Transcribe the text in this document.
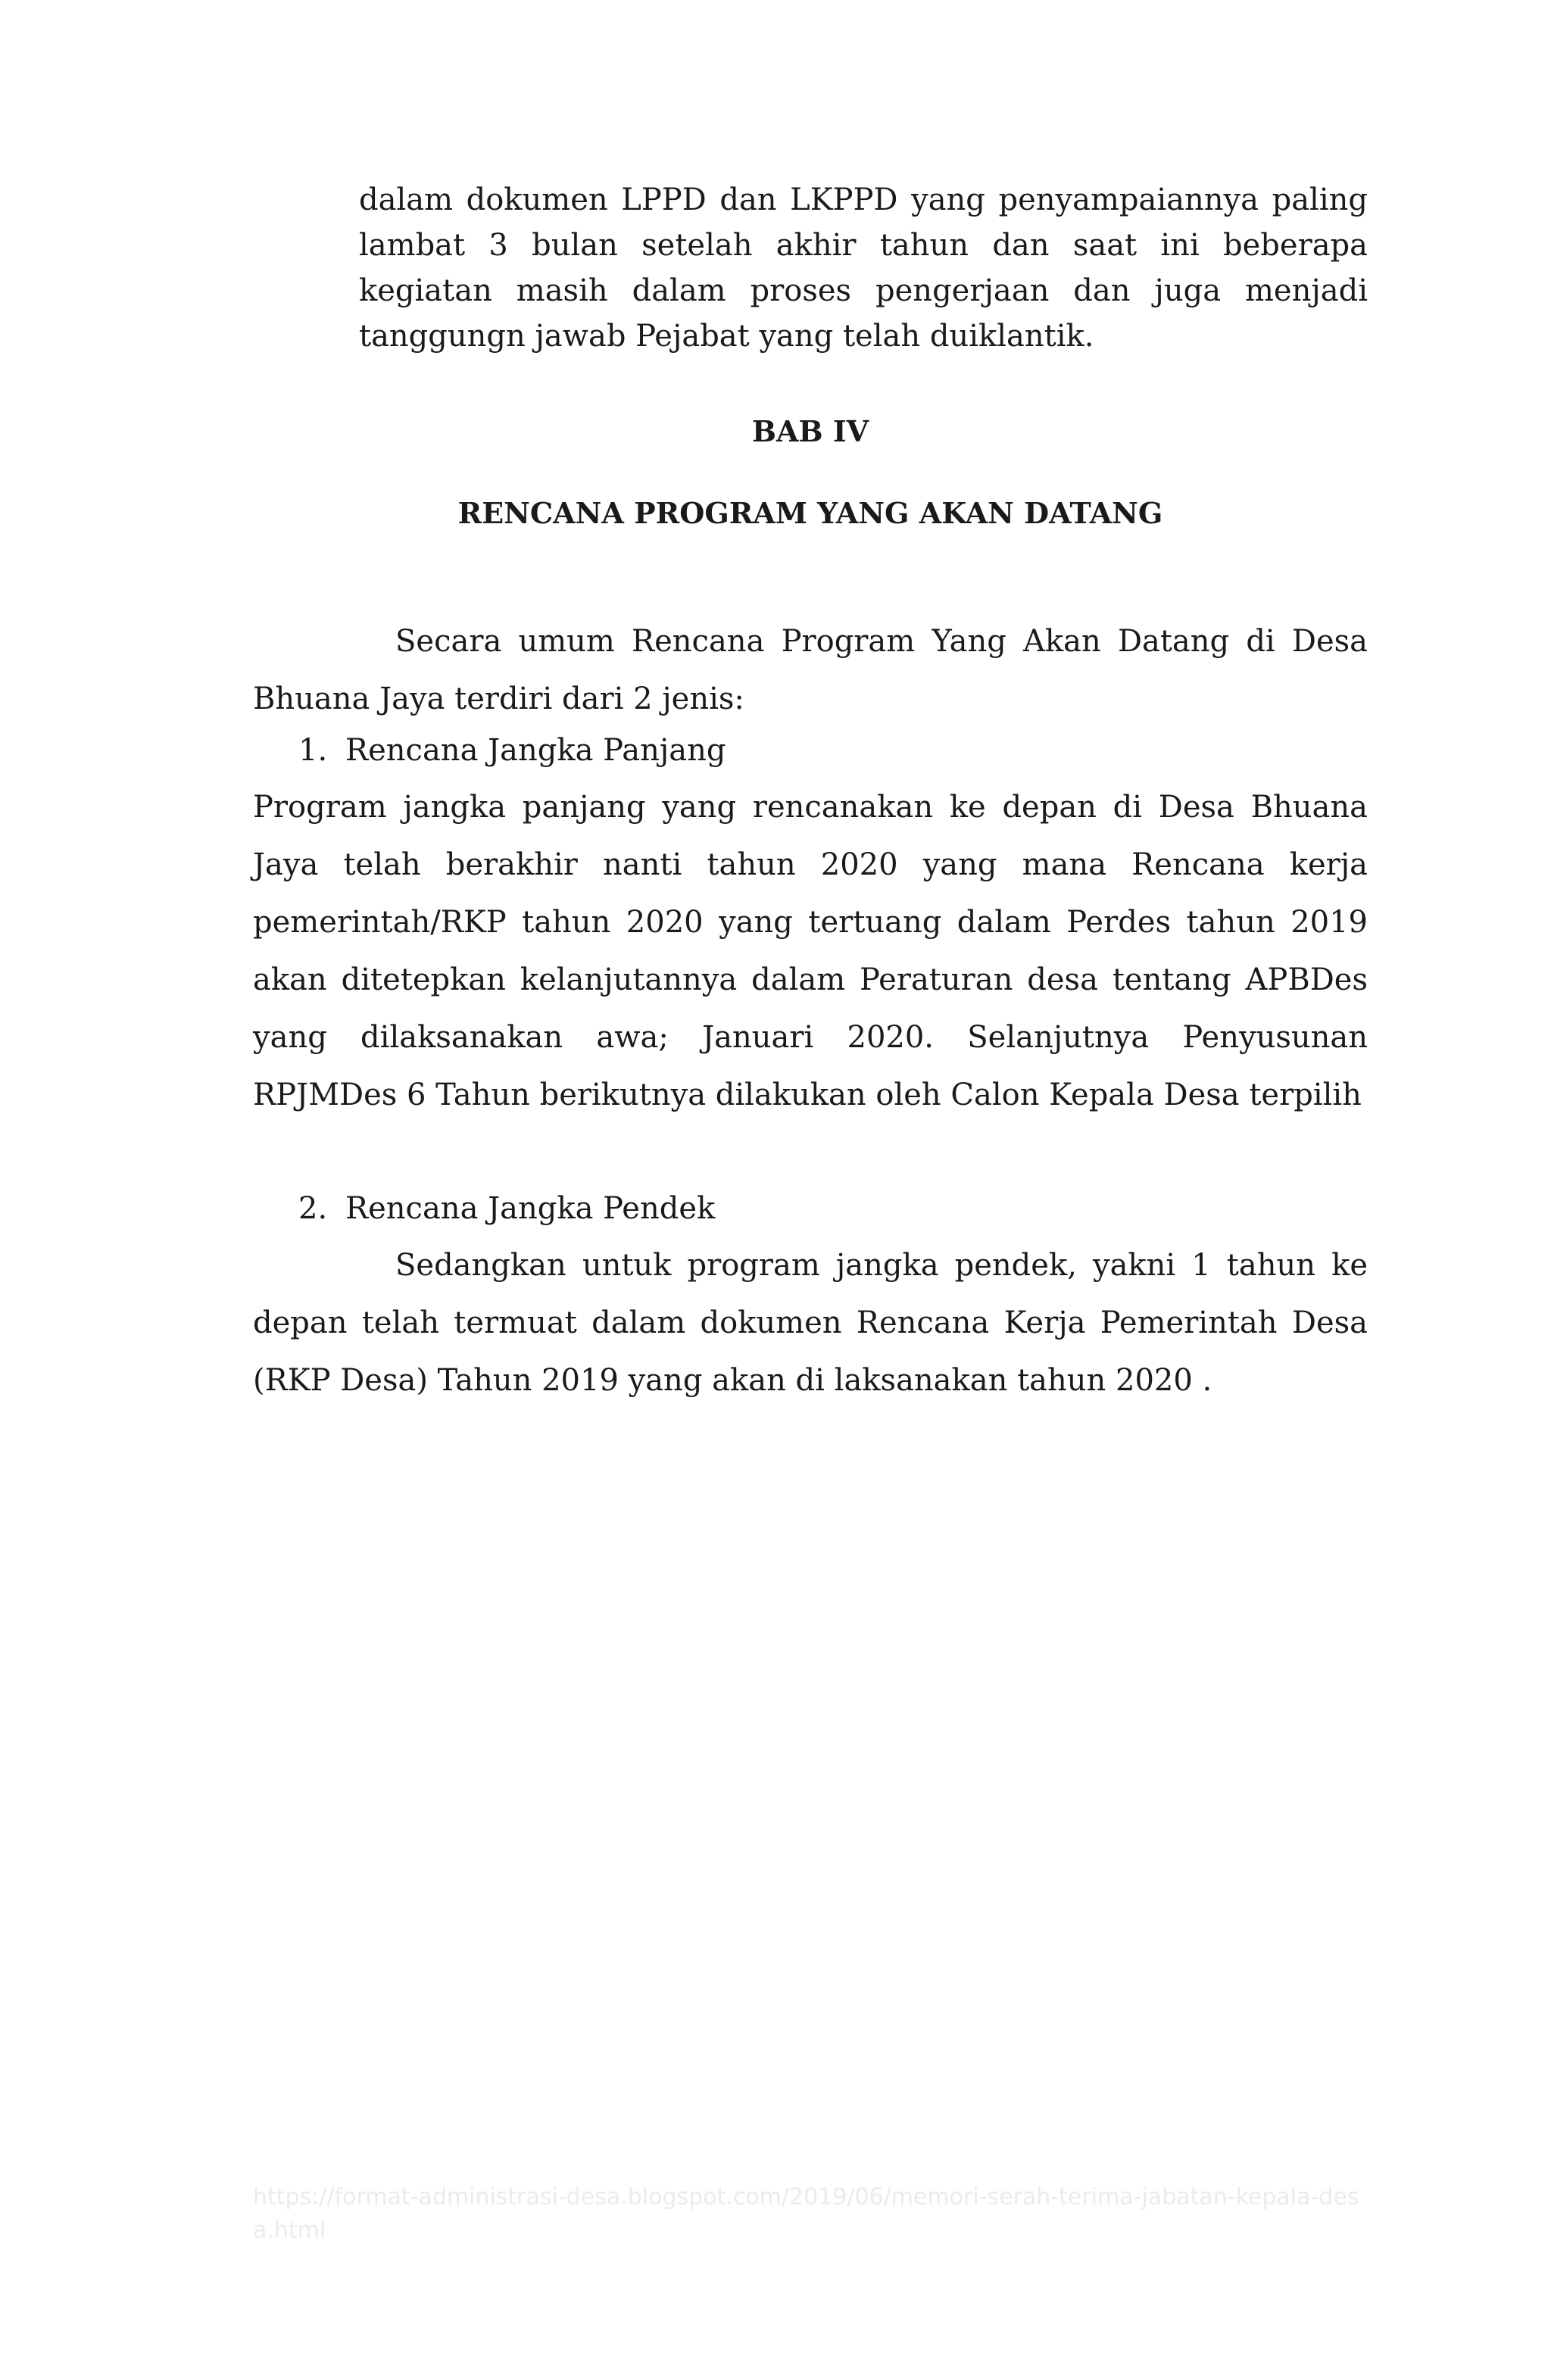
dalam dokumen LPPD dan LKPPD yang penyampaiannya paling lambat 3 bulan setelah akhir tahun dan saat ini beberapa kegiatan masih dalam proses pengerjaan dan juga menjadi tanggungn jawab Pejabat yang telah duiklantik.

BAB IV
RENCANA PROGRAM YANG AKAN DATANG

Secara umum Rencana Program Yang Akan Datang di Desa Bhuana Jaya terdiri dari 2 jenis:

1. Rencana Jangka Panjang

Program jangka panjang yang rencanakan ke depan di Desa Bhuana Jaya telah berakhir nanti tahun 2020 yang mana Rencana kerja pemerintah/RKP tahun 2020 yang tertuang dalam Perdes tahun 2019 akan ditetepkan kelanjutannya dalam Peraturan desa tentang APBDes yang dilaksanakan awa; Januari 2020. Selanjutnya Penyusunan RPJMDes 6 Tahun berikutnya dilakukan oleh Calon Kepala Desa terpilih

2. Rencana Jangka Pendek

Sedangkan untuk program jangka pendek, yakni 1 tahun ke depan telah termuat dalam dokumen Rencana Kerja Pemerintah Desa (RKP Desa) Tahun 2019 yang akan di laksanakan tahun 2020 .

https://format-administrasi-desa.blogspot.com/2019/06/memori-serah-terima-jabatan-kepala-desa.html
